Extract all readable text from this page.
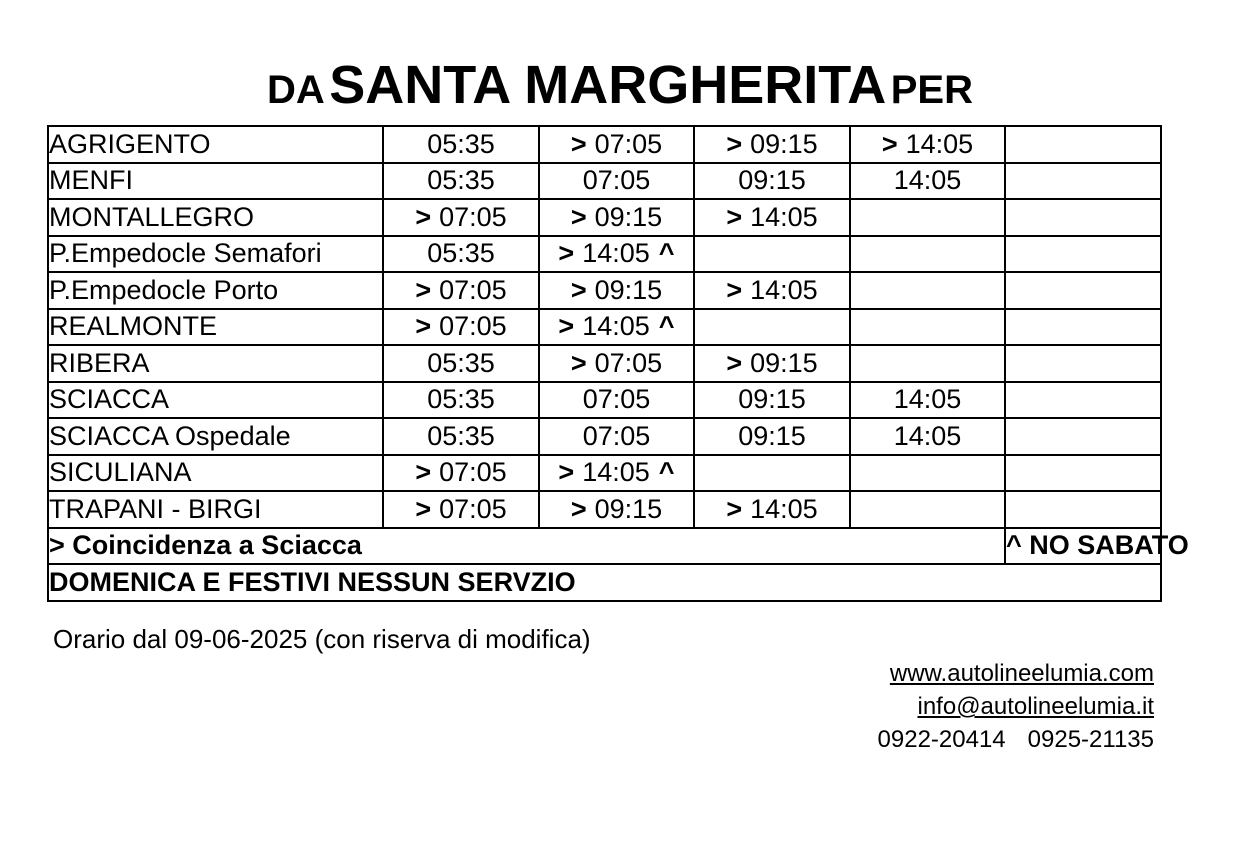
DA SANTA MARGHERITA PER
AGRIGENTO	05:35	> 07:05	> 09:15	> 14:05	
MENFI	05:35	07:05	09:15	14:05	
MONTALLEGRO	> 07:05	> 09:15	> 14:05		
P.Empedocle Semafori	05:35	> 14:05 ^			
P.Empedocle Porto	> 07:05	> 09:15	> 14:05		
REALMONTE	> 07:05	> 14:05 ^			
RIBERA	05:35	> 07:05	> 09:15		
SCIACCA	05:35	07:05	09:15	14:05	
SCIACCA Ospedale	05:35	07:05	09:15	14:05	
SICULIANA	> 07:05	> 14:05 ^			
TRAPANI - BIRGI	> 07:05	> 09:15	> 14:05		
> Coincidenza a Sciacca					^ NO SABATO
DOMENICA E FESTIVI NESSUN SERVZIO					
Orario dal 09-06-2025 (con riserva di modifica)
www.autolineelumia.com
info@autolineelumia.it
0922-20414 0925-21135
